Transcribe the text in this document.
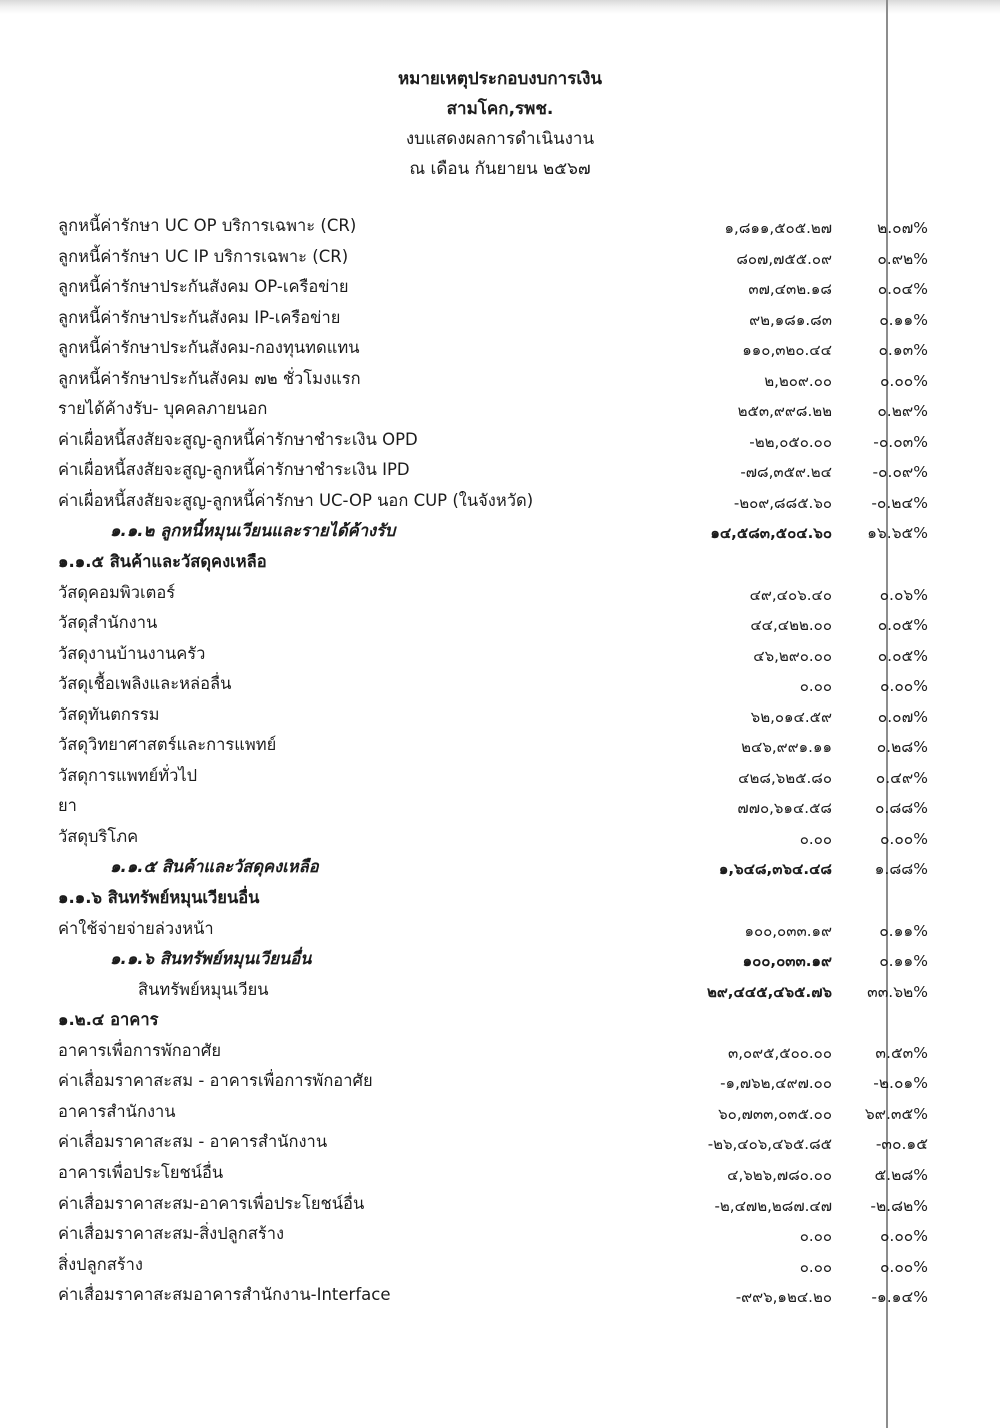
หมายเหตุประกอบงบการเงิน
สามโคก,รพช.
งบแสดงผลการดำเนินงาน
ณ เดือน กันยายน ๒๕๖๗
ลูกหนี้ค่ารักษา UC OP บริการเฉพาะ (CR)	๑,๘๑๑,๕๐๕.๒๗	๒.๐๗%
ลูกหนี้ค่ารักษา UC IP บริการเฉพาะ (CR)	๘๐๗,๗๕๕.๐๙	๐.๙๒%
ลูกหนี้ค่ารักษาประกันสังคม OP-เครือข่าย	๓๗,๔๓๒.๑๘	๐.๐๔%
ลูกหนี้ค่ารักษาประกันสังคม IP-เครือข่าย	๙๒,๑๘๑.๘๓	๐.๑๑%
ลูกหนี้ค่ารักษาประกันสังคม-กองทุนทดแทน	๑๑๐,๓๒๐.๔๔	๐.๑๓%
ลูกหนี้ค่ารักษาประกันสังคม ๗๒ ชั่วโมงแรก	๒,๒๐๙.๐๐	๐.๐๐%
รายได้ค้างรับ- บุคคลภายนอก	๒๕๓,๙๙๘.๒๒	๐.๒๙%
ค่าเผื่อหนี้สงสัยจะสูญ-ลูกหนี้ค่ารักษาชำระเงิน OPD	-๒๒,๐๕๐.๐๐	-๐.๐๓%
ค่าเผื่อหนี้สงสัยจะสูญ-ลูกหนี้ค่ารักษาชำระเงิน IPD	-๗๘,๓๕๙.๒๔	-๐.๐๙%
ค่าเผื่อหนี้สงสัยจะสูญ-ลูกหนี้ค่ารักษา UC-OP นอก CUP (ในจังหวัด)	-๒๐๙,๘๘๕.๖๐	-๐.๒๔%
๑.๑.๒ ลูกหนี้หมุนเวียนและรายได้ค้างรับ	๑๔,๕๘๓,๕๐๔.๖๐ ๑๖.๖๕%
๑.๑.๕ สินค้าและวัสดุคงเหลือ
วัสดุคอมพิวเตอร์	๔๙,๔๐๖.๔๐	๐.๐๖%
วัสดุสำนักงาน	๔๔,๔๒๒.๐๐	๐.๐๕%
วัสดุงานบ้านงานครัว	๔๖,๒๙๐.๐๐	๐.๐๕%
วัสดุเชื้อเพลิงและหล่อลื่น	๐.๐๐	๐.๐๐%
วัสดุทันตกรรม	๖๒,๐๑๔.๕๙	๐.๐๗%
วัสดุวิทยาศาสตร์และการแพทย์	๒๔๖,๙๙๑.๑๑	๐.๒๘%
วัสดุการแพทย์ทั่วไป	๔๒๘,๖๒๕.๘๐	๐.๔๙%
ยา	๗๗๐,๖๑๔.๕๘	๐.๘๘%
วัสดุบริโภค	๐.๐๐	๐.๐๐%
๑.๑.๕ สินค้าและวัสดุคงเหลือ	๑,๖๔๘,๓๖๔.๔๘	๑.๘๘%
๑.๑.๖ สินทรัพย์หมุนเวียนอื่น
ค่าใช้จ่ายจ่ายล่วงหน้า	๑๐๐,๐๓๓.๑๙	๐.๑๑%
๑.๑.๖ สินทรัพย์หมุนเวียนอื่น	๑๐๐,๐๓๓.๑๙	๐.๑๑%
สินทรัพย์หมุนเวียน	๒๙,๔๔๕,๔๖๕.๗๖ ๓๓.๖๒%
๑.๒.๔ อาคาร
อาคารเพื่อการพักอาศัย	๓,๐๙๕,๕๐๐.๐๐	๓.๕๓%
ค่าเสื่อมราคาสะสม - อาคารเพื่อการพักอาศัย	-๑,๗๖๒,๔๙๗.๐๐	-๒.๐๑%
อาคารสำนักงาน	๖๐,๗๓๓,๐๓๕.๐๐ ๖๙.๓๕%
ค่าเสื่อมราคาสะสม - อาคารสำนักงาน	-๒๖,๔๐๖,๔๖๕.๘๕	-๓๐.๑๕
อาคารเพื่อประโยชน์อื่น	๔,๖๒๖,๗๘๐.๐๐	๕.๒๘%
ค่าเสื่อมราคาสะสม-อาคารเพื่อประโยชน์อื่น	-๒,๔๗๒,๒๘๗.๔๗ -๒.๘๒%
ค่าเสื่อมราคาสะสม-สิ่งปลูกสร้าง	๐.๐๐	๐.๐๐%
สิ่งปลูกสร้าง	๐.๐๐	๐.๐๐%
ค่าเสื่อมราคาสะสมอาคารสำนักงาน-Interface	-๙๙๖,๑๒๔.๒๐	-๑.๑๔%
